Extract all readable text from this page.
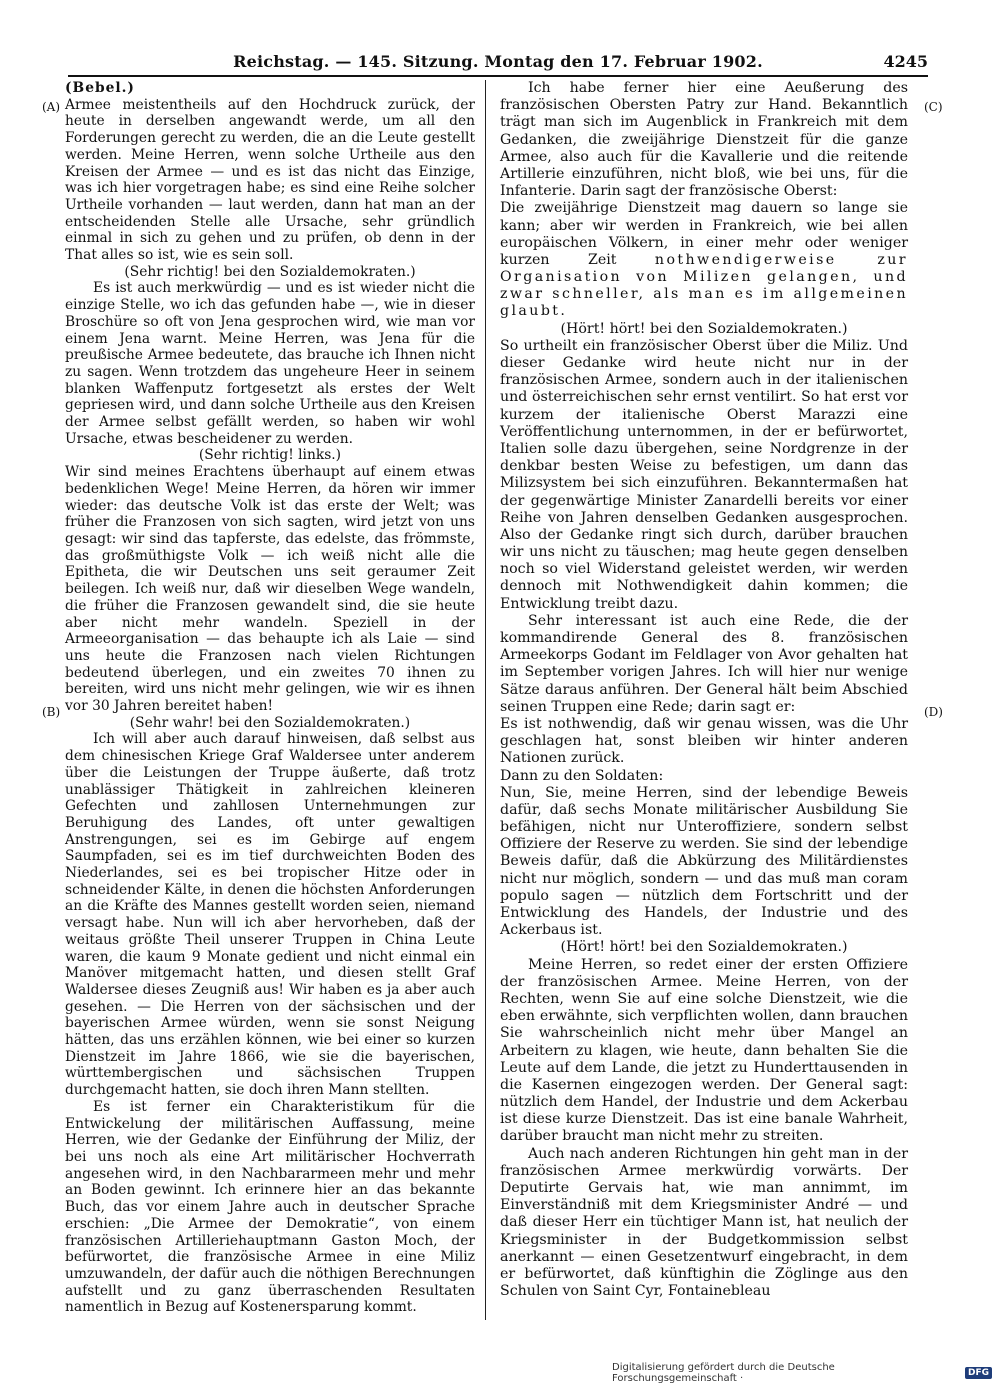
Reichstag. — 145. Sitzung. Montag den 17. Februar 1902.	4245
(A)
(B)
(C)
(D)

(Bebel.)

Armee meistentheils auf den Hochdruck zurück, der heute in derselben angewandt werde, um all den Forderungen gerecht zu werden, die an die Leute gestellt werden. Meine Herren, wenn solche Urtheile aus den Kreisen der Armee — und es ist das nicht das Einzige, was ich hier vorgetragen habe; es sind eine Reihe solcher Urtheile vorhanden — laut werden, dann hat man an der entscheidenden Stelle alle Ursache, sehr gründlich einmal in sich zu gehen und zu prüfen, ob denn in der That alles so ist, wie es sein soll.

(Sehr richtig! bei den Sozialdemokraten.)

Es ist auch merkwürdig — und es ist wieder nicht die einzige Stelle, wo ich das gefunden habe —, wie in dieser Broschüre so oft von Jena gesprochen wird, wie man vor einem Jena warnt. Meine Herren, was Jena für die preußische Armee bedeutete, das brauche ich Ihnen nicht zu sagen. Wenn trotzdem das ungeheure Heer in seinem blanken Waffenputz fortgesetzt als erstes der Welt gepriesen wird, und dann solche Urtheile aus den Kreisen der Armee selbst gefällt werden, so haben wir wohl Ursache, etwas bescheidener zu werden.

(Sehr richtig! links.)

Wir sind meines Erachtens überhaupt auf einem etwas bedenklichen Wege! Meine Herren, da hören wir immer wieder: das deutsche Volk ist das erste der Welt; was früher die Franzosen von sich sagten, wird jetzt von uns gesagt: wir sind das tapferste, das edelste, das frömmste, das großmüthigste Volk — ich weiß nicht alle die Epitheta, die wir Deutschen uns seit geraumer Zeit beilegen. Ich weiß nur, daß wir dieselben Wege wandeln, die früher die Franzosen gewandelt sind, die sie heute aber nicht mehr wandeln. Speziell in der Armeeorganisation — das behaupte ich als Laie — sind uns heute die Franzosen nach vielen Richtungen bedeutend überlegen, und ein zweites 70 ihnen zu bereiten, wird uns nicht mehr gelingen, wie wir es ihnen vor 30 Jahren bereitet haben!

(Sehr wahr! bei den Sozialdemokraten.)

Ich will aber auch darauf hinweisen, daß selbst aus dem chinesischen Kriege Graf Waldersee unter anderem über die Leistungen der Truppe äußerte, daß trotz unablässiger Thätigkeit in zahlreichen kleineren Gefechten und zahllosen Unternehmungen zur Beruhigung des Landes, oft unter gewaltigen Anstrengungen, sei es im Gebirge auf engem Saumpfaden, sei es im tief durchweichten Boden des Niederlandes, sei es bei tropischer Hitze oder in schneidender Kälte, in denen die höchsten Anforderungen an die Kräfte des Mannes gestellt worden seien, niemand versagt habe. Nun will ich aber hervorheben, daß der weitaus größte Theil unserer Truppen in China Leute waren, die kaum 9 Monate gedient und nicht einmal ein Manöver mitgemacht hatten, und diesen stellt Graf Waldersee dieses Zeugniß aus! Wir haben es ja aber auch gesehen. — Die Herren von der sächsischen und der bayerischen Armee würden, wenn sie sonst Neigung hätten, das uns erzählen können, wie bei einer so kurzen Dienstzeit im Jahre 1866, wie sie die bayerischen, württembergischen und sächsischen Truppen durchgemacht hatten, sie doch ihren Mann stellten.

Es ist ferner ein Charakteristikum für die Entwickelung der militärischen Auffassung, meine Herren, wie der Gedanke der Einführung der Miliz, der bei uns noch als eine Art militärischer Hochverrath angesehen wird, in den Nachbararmeen mehr und mehr an Boden gewinnt. Ich erinnere hier an das bekannte Buch, das vor einem Jahre auch in deutscher Sprache erschien: „Die Armee der Demokratie“, von einem französischen Artilleriehauptmann Gaston Moch, der befürwortet, die französische Armee in eine Miliz umzuwandeln, der dafür auch die nöthigen Berechnungen aufstellt und zu ganz überraschenden Resultaten namentlich in Bezug auf Kostenersparung kommt.

Ich habe ferner hier eine Aeußerung des französischen Obersten Patry zur Hand. Bekanntlich trägt man sich im Augenblick in Frankreich mit dem Gedanken, die zweijährige Dienstzeit für die ganze Armee, also auch für die Kavallerie und die reitende Artillerie einzuführen, nicht bloß, wie bei uns, für die Infanterie. Darin sagt der französische Oberst:

Die zweijährige Dienstzeit mag dauern so lange sie kann; aber wir werden in Frankreich, wie bei allen europäischen Völkern, in einer mehr oder weniger kurzen Zeit	nothwendigerweise zur Organisation von Milizen gelangen, und zwar schneller, als man es im allgemeinen glaubt.

(Hört! hört! bei den Sozialdemokraten.)

So urtheilt ein französischer Oberst über die Miliz. Und dieser Gedanke wird heute nicht nur in der französischen Armee, sondern auch in der italienischen und österreichischen sehr ernst ventilirt. So hat erst vor kurzem der italienische Oberst Marazzi eine Veröffentlichung unternommen, in der er befürwortet, Italien solle dazu übergehen, seine Nordgrenze in der denkbar besten Weise zu befestigen, um dann das Milizsystem bei sich einzuführen. Bekanntermaßen hat der gegenwärtige Minister Zanardelli bereits vor einer Reihe von Jahren denselben Gedanken ausgesprochen. Also der Gedanke ringt sich durch, darüber brauchen wir uns nicht zu täuschen; mag heute gegen denselben noch so viel Widerstand geleistet werden, wir werden dennoch mit Nothwendigkeit dahin kommen; die Entwicklung treibt dazu.

Sehr interessant ist auch eine Rede, die der kommandirende General des 8. französischen Armeekorps Godant im Feldlager von Avor gehalten hat im September vorigen Jahres. Ich will hier nur wenige Sätze daraus anführen. Der General hält beim Abschied seinen Truppen eine Rede; darin sagt er:

Es ist nothwendig, daß wir genau wissen, was die Uhr geschlagen hat, sonst bleiben wir hinter anderen Nationen zurück.

Dann zu den Soldaten:

Nun, Sie, meine Herren, sind der lebendige Beweis dafür, daß sechs Monate militärischer Ausbildung Sie befähigen, nicht nur Unteroffiziere, sondern selbst Offiziere der Reserve zu werden. Sie sind der lebendige Beweis dafür, daß die Abkürzung des Militärdienstes nicht nur möglich, sondern — und das muß man coram populo sagen — nützlich dem Fortschritt und der Entwicklung des Handels, der Industrie und des Ackerbaus ist.

(Hört! hört! bei den Sozialdemokraten.)

Meine Herren, so redet einer der ersten Offiziere der französischen Armee. Meine Herren, von der Rechten, wenn Sie auf eine solche Dienstzeit, wie die eben erwähnte, sich verpflichten wollen, dann brauchen Sie wahrscheinlich nicht mehr über Mangel an Arbeitern zu klagen, wie heute, dann behalten Sie die Leute auf dem Lande, die jetzt zu Hunderttausenden in die Kasernen eingezogen werden. Der General sagt: nützlich dem Handel, der Industrie und dem Ackerbau ist diese kurze Dienstzeit. Das ist eine banale Wahrheit, darüber braucht man nicht mehr zu streiten.

Auch nach anderen Richtungen hin geht man in der französischen Armee merkwürdig vorwärts. Der Deputirte Gervais hat, wie man annimmt, im Einverständniß mit dem Kriegsminister André — und daß dieser Herr ein tüchtiger Mann ist, hat neulich der Kriegsminister in der Budgetkommission selbst anerkannt — einen Gesetzentwurf eingebracht, in dem er befürwortet, daß künftighin die Zöglinge aus den Schulen von Saint Cyr, Fontainebleau

Digitalisierung gefördert durch die Deutsche Forschungsgemeinschaft ·	DFG
